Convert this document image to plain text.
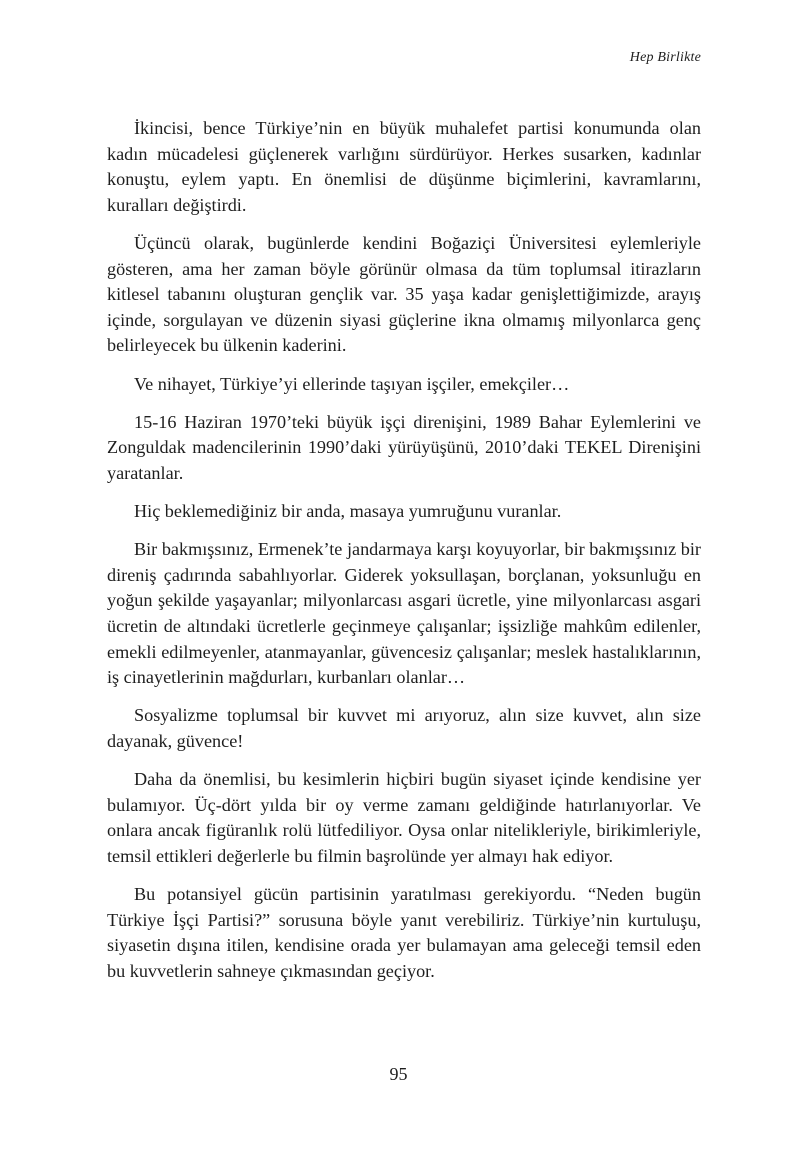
Hep Birlikte

İkincisi, bence Türkiye’nin en büyük muhalefet partisi konumunda olan kadın mücadelesi güçlenerek varlığını sürdürüyor. Herkes susarken, kadınlar konuştu, eylem yaptı. En önemlisi de düşünme biçimlerini, kavramlarını, kuralları değiştirdi.

Üçüncü olarak, bugünlerde kendini Boğaziçi Üniversitesi eylemleriyle gösteren, ama her zaman böyle görünür olmasa da tüm toplumsal itirazların kitlesel tabanını oluşturan gençlik var. 35 yaşa kadar genişlettiğimizde, arayış içinde, sorgulayan ve düzenin siyasi güçlerine ikna olmamış milyonlarca genç belirleyecek bu ülkenin kaderini.

Ve nihayet, Türkiye’yi ellerinde taşıyan işçiler, emekçiler…

15-16 Haziran 1970’teki büyük işçi direnişini, 1989 Bahar Eylemlerini ve Zonguldak madencilerinin 1990’daki yürüyüşünü, 2010’daki TEKEL Direnişini yaratanlar.

Hiç beklemediğiniz bir anda, masaya yumruğunu vuranlar.

Bir bakmışsınız, Ermenek’te jandarmaya karşı koyuyorlar, bir bakmışsınız bir direniş çadırında sabahlıyorlar. Giderek yoksullaşan, borçlanan, yoksunluğu en yoğun şekilde yaşayanlar; milyonlarcası asgari ücretle, yine milyonlarcası asgari ücretin de altındaki ücretlerle geçinmeye çalışanlar; işsizliğe mahkûm edilenler, emekli edilmeyenler, atanmayanlar, güvencesiz çalışanlar; meslek hastalıklarının, iş cinayetlerinin mağdurları, kurbanları olanlar…

Sosyalizme toplumsal bir kuvvet mi arıyoruz, alın size kuvvet, alın size dayanak, güvence!

Daha da önemlisi, bu kesimlerin hiçbiri bugün siyaset içinde kendisine yer bulamıyor. Üç-dört yılda bir oy verme zamanı geldiğinde hatırlanıyorlar. Ve onlara ancak figüranlık rolü lütfediliyor. Oysa onlar nitelikleriyle, birikimleriyle, temsil ettikleri değerlerle bu filmin başrolünde yer almayı hak ediyor.

Bu potansiyel gücün partisinin yaratılması gerekiyordu. “Neden bugün Türkiye İşçi Partisi?” sorusuna böyle yanıt verebiliriz. Türkiye’nin kurtuluşu, siyasetin dışına itilen, kendisine orada yer bulamayan ama geleceği temsil eden bu kuvvetlerin sahneye çıkmasından geçiyor.

95
